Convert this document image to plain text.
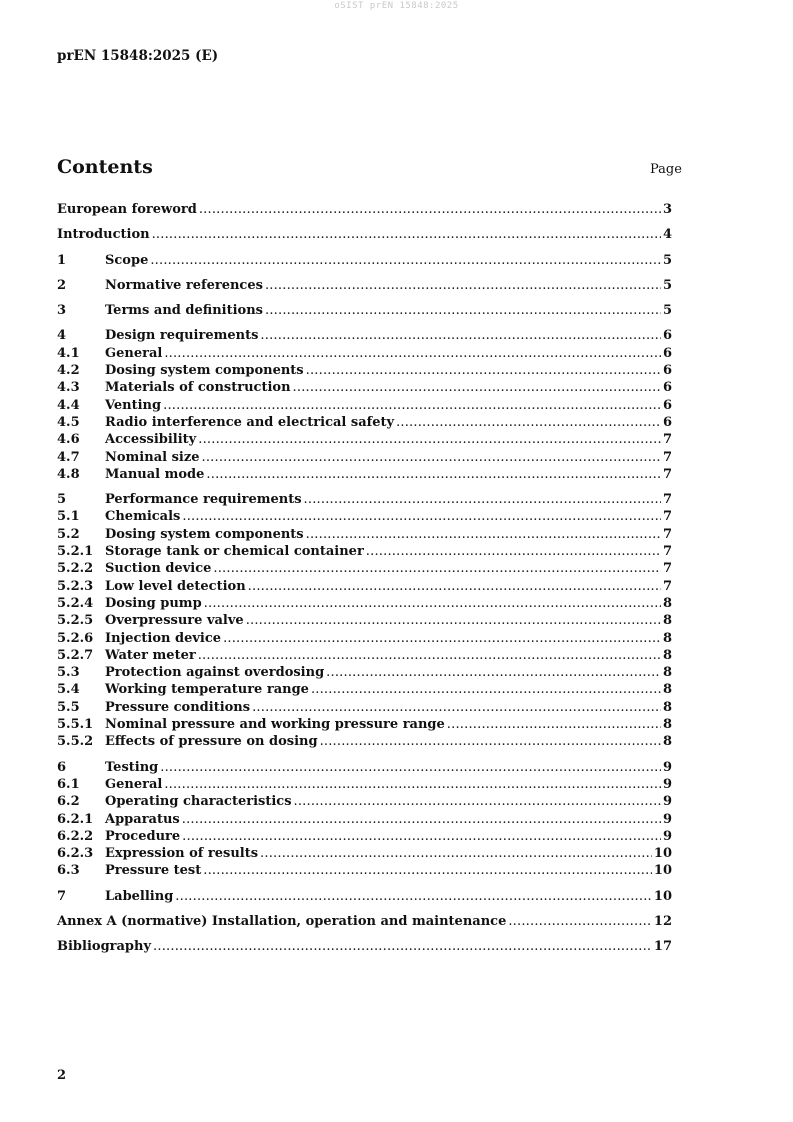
oSIST prEN 15848:2025
prEN 15848:2025 (E)
Contents	Page
European foreword .....	3
Introduction .....	4
1	Scope .....	5
2	Normative references .....	5
3	Terms and definitions .....	5
4	Design requirements .....	6
4.1	General .....	6
4.2	Dosing system components .....	6
4.3	Materials of construction .....	6
4.4	Venting .....	6
4.5	Radio interference and electrical safety .....	6
4.6	Accessibility .....	7
4.7	Nominal size .....	7
4.8	Manual mode .....	7
5	Performance requirements .....	7
5.1	Chemicals .....	7
5.2	Dosing system components .....	7
5.2.1 Storage tank or chemical container .....	7
5.2.2 Suction device .....	7
5.2.3 Low level detection .....	7
5.2.4 Dosing pump .....	8
5.2.5 Overpressure valve .....	8
5.2.6 Injection device .....	8
5.2.7 Water meter .....	8
5.3	Protection against overdosing .....	8
5.4	Working temperature range .....	8
5.5	Pressure conditions .....	8
5.5.1 Nominal pressure and working pressure range .....	8
5.5.2 Effects of pressure on dosing .....	8
6	Testing .....	9
6.1	General .....	9
6.2	Operating characteristics .....	9
6.2.1 Apparatus .....	9
6.2.2 Procedure .....	9
6.2.3 Expression of results .....	10
6.3	Pressure test .....	10
7	Labelling .....	10
Annex A (normative) Installation, operation and maintenance .....	12
Bibliography .....	17
2
